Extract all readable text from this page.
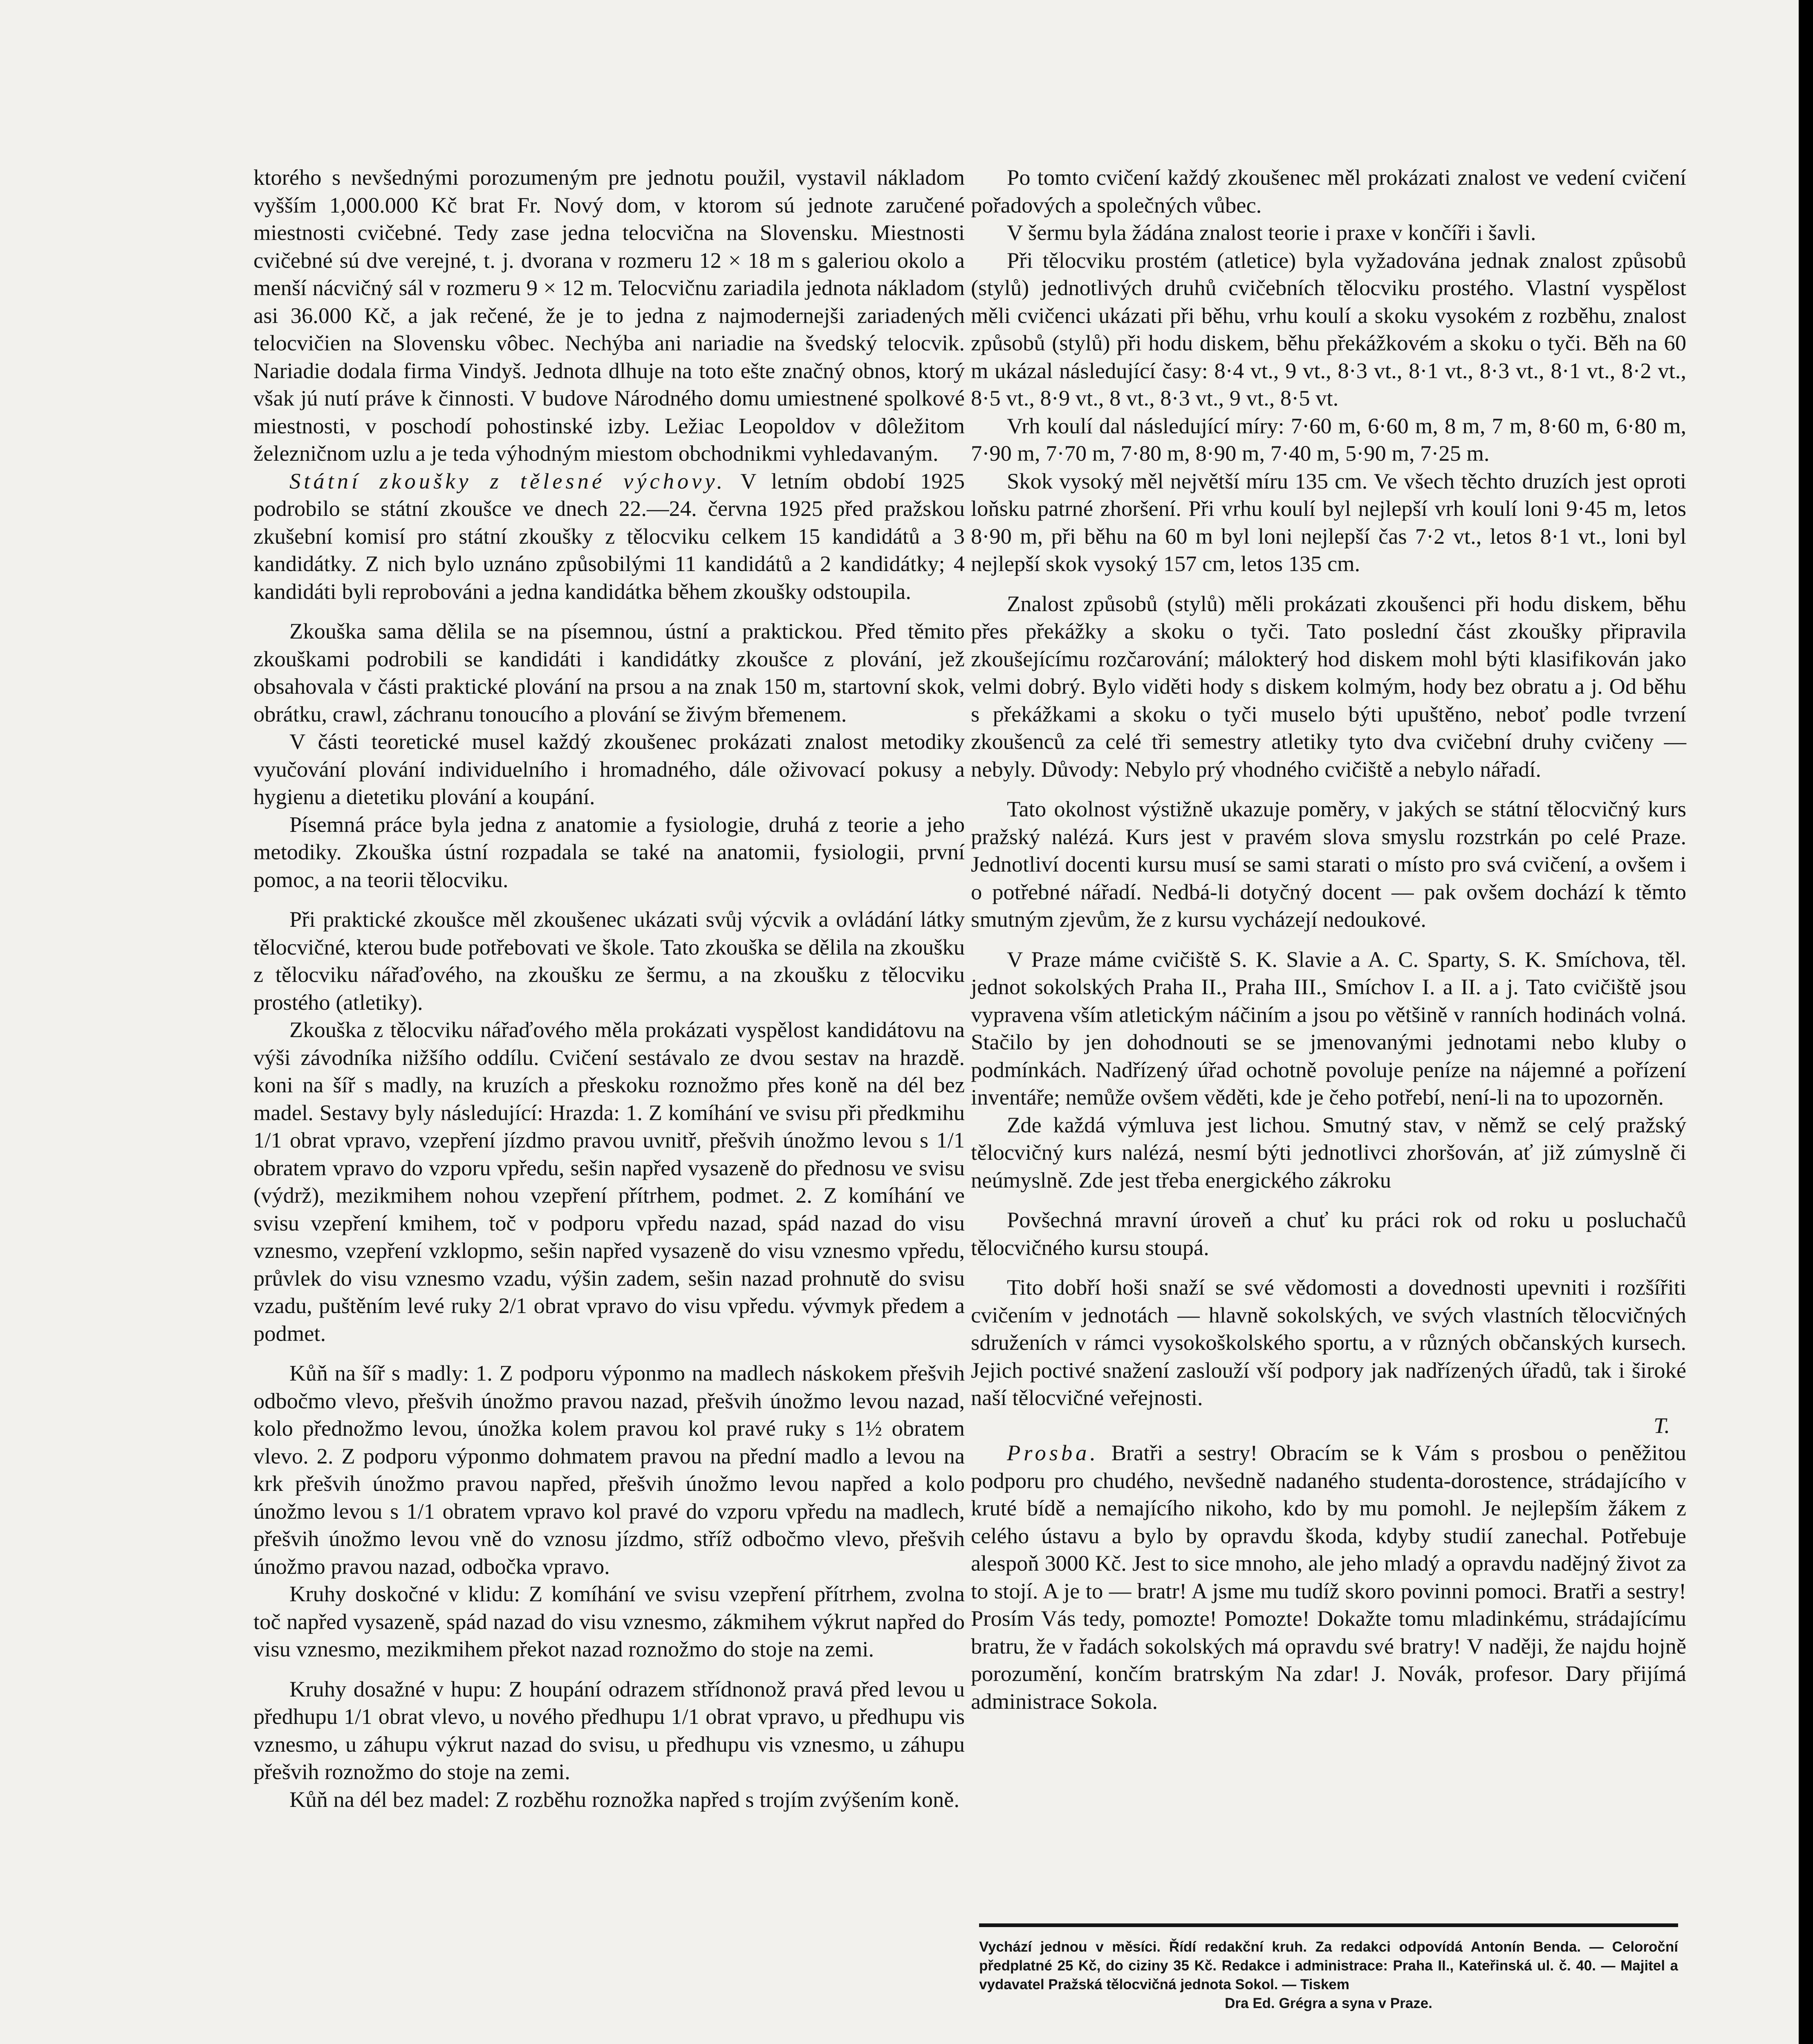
ktorého s nevšednými porozumeným pre jednotu použil, vystavil nákladom vyšším 1,000.000 Kč brat Fr. Nový dom, v ktorom sú jednote zaručené miestnosti cvičebné. Tedy zase jedna telocvična na Slovensku. Miestnosti cvičebné sú dve verejné, t. j. dvorana v rozmeru 12 × 18 m s galeriou okolo a menší nácvičný sál v rozmeru 9 × 12 m. Telocvičnu zariadila jednota nákladom asi 36.000 Kč, a jak rečené, že je to jedna z najmodernejši zariadených telocvičien na Slovensku vôbec. Nechýba ani nariadie na švedský telocvik. Nariadie dodala firma Vindyš. Jednota dlhuje na toto ešte značný obnos, ktorý však jú nutí práve k činnosti. V budove Národného domu umiestnené spolkové miestnosti, v poschodí pohostinské izby. Ležiac Leopoldov v dôležitom železničnom uzlu a je teda výhodným miestom obchodnikmi vyhledavaným.

Státní zkoušky z tělesné výchovy. V letním období 1925 podrobilo se státní zkoušce ve dnech 22.—24. června 1925 před pražskou zkušební komisí pro státní zkoušky z tělocviku celkem 15 kandidátů a 3 kandidátky. Z nich bylo uznáno způsobilými 11 kandidátů a 2 kandidátky; 4 kandidáti byli reprobováni a jedna kandidátka během zkoušky odstoupila.

Zkouška sama dělila se na písemnou, ústní a praktickou. Před těmito zkouškami podrobili se kandidáti i kandidátky zkoušce z plování, jež obsahovala v části praktické plování na prsou a na znak 150 m, startovní skok, obrátku, crawl, záchranu tonoucího a plování se živým břemenem.

V části teoretické musel každý zkoušenec prokázati znalost metodiky vyučování plování individuelního i hromadného, dále oživovací pokusy a hygienu a dietetiku plování a koupání.

Písemná práce byla jedna z anatomie a fysiologie, druhá z teorie a jeho metodiky. Zkouška ústní rozpadala se také na anatomii, fysiologii, první pomoc, a na teorii tělocviku.

Při praktické zkoušce měl zkoušenec ukázati svůj výcvik a ovládání látky tělocvičné, kterou bude potřebovati ve škole. Tato zkouška se dělila na zkoušku z tělocviku nářaďového, na zkoušku ze šermu, a na zkoušku z tělocviku prostého (atletiky).

Zkouška z tělocviku nářaďového měla prokázati vyspělost kandidátovu na výši závodníka nižšího oddílu. Cvičení sestávalo ze dvou sestav na hrazdě. koni na šíř s madly, na kruzích a přeskoku roznožmo přes koně na dél bez madel. Sestavy byly následující: Hrazda: 1. Z komíhání ve svisu při předkmihu 1/1 obrat vpravo, vzepření jízdmo pravou uvnitř, přešvih únožmo levou s 1/1 obratem vpravo do vzporu vpředu, sešin napřed vysazeně do přednosu ve svisu (výdrž), mezikmihem nohou vzepření přítrhem, podmet. 2. Z komíhání ve svisu vzepření kmihem, toč v podporu vpředu nazad, spád nazad do visu vznesmo, vzepření vzklopmo, sešin napřed vysazeně do visu vznesmo vpředu, průvlek do visu vznesmo vzadu, výšin zadem, sešin nazad prohnutě do svisu vzadu, puštěním levé ruky 2/1 obrat vpravo do visu vpředu. vývmyk předem a podmet.

Kůň na šíř s madly: 1. Z podporu výponmo na madlech náskokem přešvih odbočmo vlevo, přešvih únožmo pravou nazad, přešvih únožmo levou nazad, kolo přednožmo levou, únožka kolem pravou kol pravé ruky s 1½ obratem vlevo. 2. Z podporu výponmo dohmatem pravou na přední madlo a levou na krk přešvih únožmo pravou napřed, přešvih únožmo levou napřed a kolo únožmo levou s 1/1 obratem vpravo kol pravé do vzporu vpředu na madlech, přešvih únožmo levou vně do vznosu jízdmo, stříž odbočmo vlevo, přešvih únožmo pravou nazad, odbočka vpravo.

Kruhy doskočné v klidu: Z komíhání ve svisu vzepření přítrhem, zvolna toč napřed vysazeně, spád nazad do visu vznesmo, zákmihem výkrut napřed do visu vznesmo, mezikmihem překot nazad roznožmo do stoje na zemi.

Kruhy dosažné v hupu: Z houpání odrazem střídnonož pravá před levou u předhupu 1/1 obrat vlevo, u nového předhupu 1/1 obrat vpravo, u předhupu vis vznesmo, u záhupu výkrut nazad do svisu, u předhupu vis vznesmo, u záhupu přešvih roznožmo do stoje na zemi.

Kůň na dél bez madel: Z rozběhu roznožka napřed s trojím zvýšením koně.

Po tomto cvičení každý zkoušenec měl prokázati znalost ve vedení cvičení pořadových a společných vůbec.

V šermu byla žádána znalost teorie i praxe v končíři i šavli.

Při tělocviku prostém (atletice) byla vyžadována jednak znalost způsobů (stylů) jednotlivých druhů cvičebních tělocviku prostého. Vlastní vyspělost měli cvičenci ukázati při běhu, vrhu koulí a skoku vysokém z rozběhu, znalost způsobů (stylů) při hodu diskem, běhu překážkovém a skoku o tyči. Běh na 60 m ukázal následující časy: 8·4 vt., 9 vt., 8·3 vt., 8·1 vt., 8·3 vt., 8·1 vt., 8·2 vt., 8·5 vt., 8·9 vt., 8 vt., 8·3 vt., 9 vt., 8·5 vt.

Vrh koulí dal následující míry: 7·60 m, 6·60 m, 8 m, 7 m, 8·60 m, 6·80 m, 7·90 m, 7·70 m, 7·80 m, 8·90 m, 7·40 m, 5·90 m, 7·25 m.

Skok vysoký měl největší míru 135 cm. Ve všech těchto druzích jest oproti loňsku patrné zhoršení. Při vrhu koulí byl nejlepší vrh koulí loni 9·45 m, letos 8·90 m, při běhu na 60 m byl loni nejlepší čas 7·2 vt., letos 8·1 vt., loni byl nejlepší skok vysoký 157 cm, letos 135 cm.

Znalost způsobů (stylů) měli prokázati zkoušenci při hodu diskem, běhu přes překážky a skoku o tyči. Tato poslední část zkoušky připravila zkoušejícímu rozčarování; málokterý hod diskem mohl býti klasifikován jako velmi dobrý. Bylo viděti hody s diskem kolmým, hody bez obratu a j. Od běhu s překážkami a skoku o tyči muselo býti upuštěno, neboť podle tvrzení zkoušenců za celé tři semestry atletiky tyto dva cvičební druhy cvičeny — nebyly. Důvody: Nebylo prý vhodného cvičiště a nebylo nářadí.

Tato okolnost výstižně ukazuje poměry, v jakých se státní tělocvičný kurs pražský nalézá. Kurs jest v pravém slova smyslu rozstrkán po celé Praze. Jednotliví docenti kursu musí se sami starati o místo pro svá cvičení, a ovšem i o potřebné nářadí. Nedbá-li dotyčný docent — pak ovšem dochází k těmto smutným zjevům, že z kursu vycházejí nedoukové.

V Praze máme cvičiště S. K. Slavie a A. C. Sparty, S. K. Smíchova, těl. jednot sokolských Praha II., Praha III., Smíchov I. a II. a j. Tato cvičiště jsou vypravena vším atletickým náčiním a jsou po většině v ranních hodinách volná. Stačilo by jen dohodnouti se se jmenovanými jednotami nebo kluby o podmínkách. Nadřízený úřad ochotně povoluje peníze na nájemné a pořízení inventáře; nemůže ovšem věděti, kde je čeho potřebí, není-li na to upozorněn.

Zde každá výmluva jest lichou. Smutný stav, v němž se celý pražský tělocvičný kurs nalézá, nesmí býti jednotlivci zhoršován, ať již zúmyslně či neúmyslně. Zde jest třeba energického zákroku

Povšechná mravní úroveň a chuť ku práci rok od roku u posluchačů tělocvičného kursu stoupá.

Tito dobří hoši snaží se své vědomosti a dovednosti upevniti i rozšířiti cvičením v jednotách — hlavně sokolských, ve svých vlastních tělocvičných sdruženích v rámci vysokoškolského sportu, a v různých občanských kursech. Jejich poctivé snažení zaslouží vší podpory jak nadřízených úřadů, tak i široké naší tělocvičné veřejnosti.

T.

Prosba. Bratři a sestry! Obracím se k Vám s prosbou o peněžitou podporu pro chudého, nevšedně nadaného studenta-dorostence, strádajícího v kruté bídě a nemajícího nikoho, kdo by mu pomohl. Je nejlepším žákem z celého ústavu a bylo by opravdu škoda, kdyby studií zanechal. Potřebuje alespoň 3000 Kč. Jest to sice mnoho, ale jeho mladý a opravdu nadějný život za to stojí. A je to — bratr! A jsme mu tudíž skoro povinni pomoci. Bratři a sestry! Prosím Vás tedy, pomozte! Pomozte! Dokažte tomu mladinkému, strádajícímu bratru, že v řadách sokolských má opravdu své bratry! V naději, že najdu hojně porozumění, končím bratrským Na zdar! J. Novák, profesor. Dary přijímá administrace Sokola.

Vychází jednou v měsíci. Řídí redakční kruh. Za redakci odpovídá Antonín Benda. — Celoroční předplatné 25 Kč, do ciziny 35 Kč. Redakce i administrace: Praha II., Kateřinská ul. č. 40. — Majitel a vydavatel Pražská tělocvičná jednota Sokol. — Tiskem

Dra Ed. Grégra a syna v Praze.
